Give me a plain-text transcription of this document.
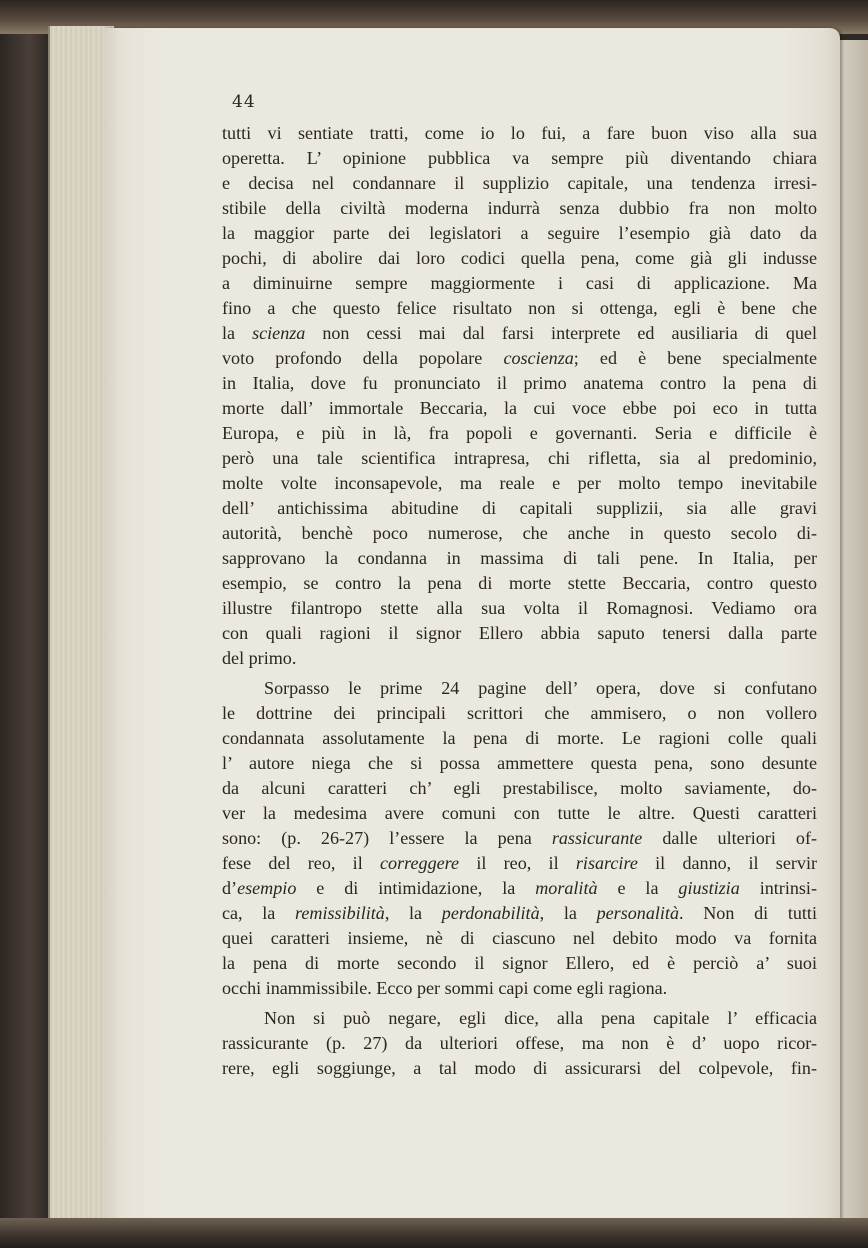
44

tutti vi sentiate tratti, come io lo fui, a fare buon viso alla sua

operetta. L’ opinione pubblica va sempre più diventando chiara

e decisa nel condannare il supplizio capitale, una tendenza irresi-

stibile della civiltà moderna indurrà senza dubbio fra non molto

la maggior parte dei legislatori a seguire l’esempio già dato da

pochi, di abolire dai loro codici quella pena, come già gli indusse

a diminuirne sempre maggiormente i casi di applicazione. Ma

fino a che questo felice risultato non si ottenga, egli è bene che

la scienza non cessi mai dal farsi interprete ed ausiliaria di quel

voto profondo della popolare coscienza; ed è bene specialmente

in Italia, dove fu pronunciato il primo anatema contro la pena di

morte dall’ immortale Beccaria, la cui voce ebbe poi eco in tutta

Europa, e più in là, fra popoli e governanti. Seria e difficile è

però una tale scientifica intrapresa, chi rifletta, sia al predominio,

molte volte inconsapevole, ma reale e per molto tempo inevitabile

dell’ antichissima abitudine di capitali supplizii, sia alle gravi

autorità, benchè poco numerose, che anche in questo secolo di-

sapprovano la condanna in massima di tali pene. In Italia, per

esempio, se contro la pena di morte stette Beccaria, contro questo

illustre filantropo stette alla sua volta il Romagnosi. Vediamo ora

con quali ragioni il signor Ellero abbia saputo tenersi dalla parte

del primo.

Sorpasso le prime 24 pagine dell’ opera, dove si confutano

le dottrine dei principali scrittori che ammisero, o non vollero

condannata assolutamente la pena di morte. Le ragioni colle quali

l’ autore niega che si possa ammettere questa pena, sono desunte

da alcuni caratteri ch’ egli prestabilisce, molto saviamente, do-

ver la medesima avere comuni con tutte le altre. Questi caratteri

sono: (p. 26-27) l’essere la pena rassicurante dalle ulteriori of-

fese del reo, il correggere il reo, il risarcire il danno, il servir

d’esempio e di intimidazione, la moralità e la giustizia intrinsi-

ca, la remissibilità, la perdonabilità, la personalità. Non di tutti

quei caratteri insieme, nè di ciascuno nel debito modo va fornita

la pena di morte secondo il signor Ellero, ed è perciò a’ suoi

occhi inammissibile. Ecco per sommi capi come egli ragiona.

Non si può negare, egli dice, alla pena capitale l’ efficacia

rassicurante (p. 27) da ulteriori offese, ma non è d’ uopo ricor-

rere, egli soggiunge, a tal modo di assicurarsi del colpevole, fin-
